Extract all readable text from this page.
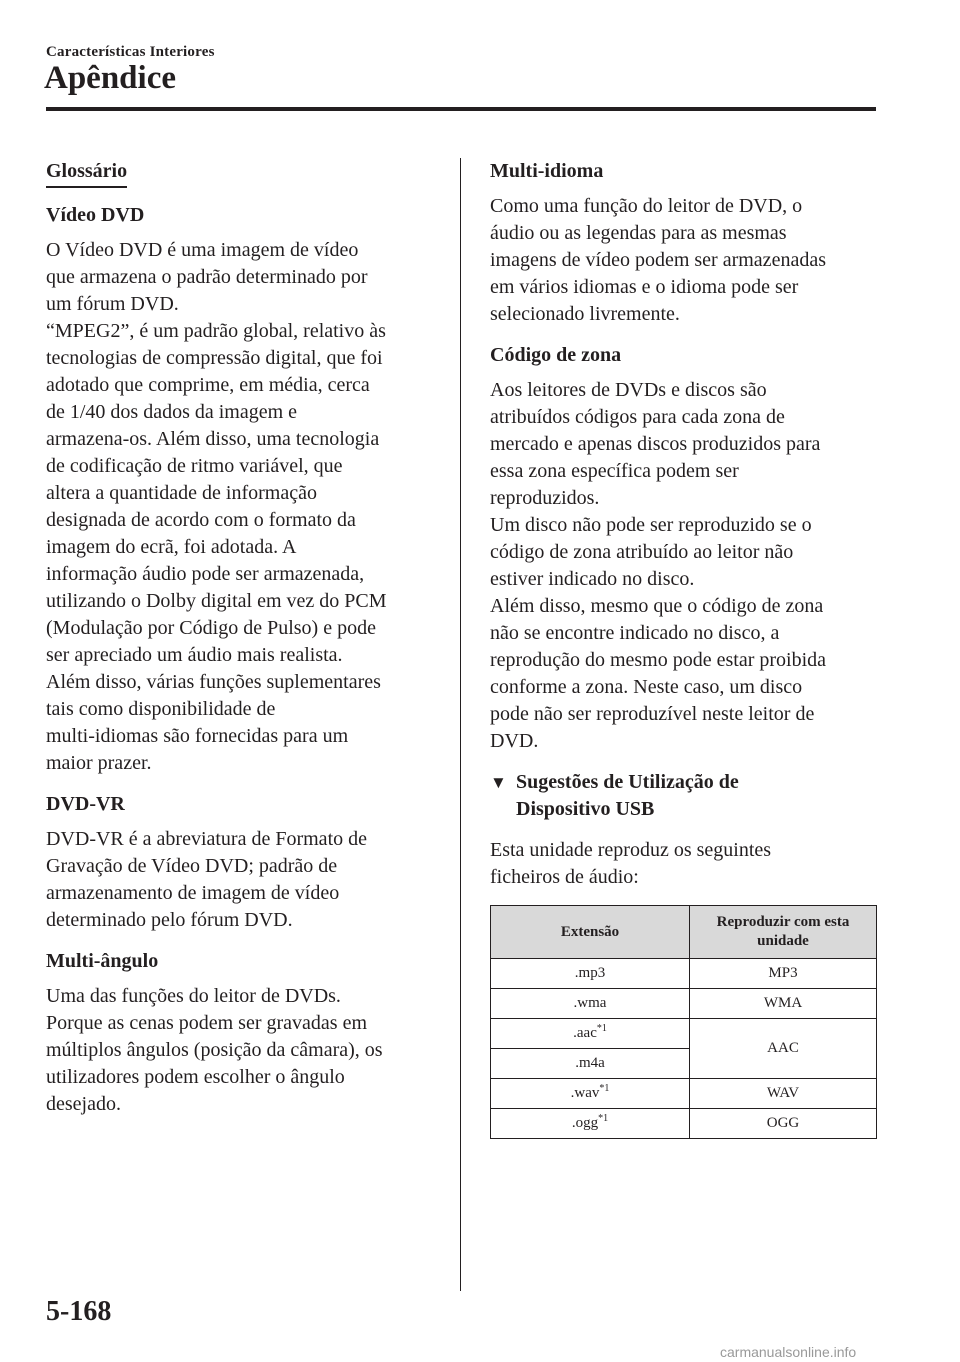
Características Interiores
Apêndice
Glossário
Vídeo DVD

O Vídeo DVD é uma imagem de vídeo
que armazena o padrão determinado por
um fórum DVD.
“MPEG2”, é um padrão global, relativo às
tecnologias de compressão digital, que foi
adotado que comprime, em média, cerca
de 1/40 dos dados da imagem e
armazena-os. Além disso, uma tecnologia
de codificação de ritmo variável, que
altera a quantidade de informação
designada de acordo com o formato da
imagem do ecrã, foi adotada. A
informação áudio pode ser armazenada,
utilizando o Dolby digital em vez do PCM
(Modulação por Código de Pulso) e pode
ser apreciado um áudio mais realista.
Além disso, várias funções suplementares
tais como disponibilidade de
multi-idiomas são fornecidas para um
maior prazer.

DVD-VR

DVD-VR é a abreviatura de Formato de
Gravação de Vídeo DVD; padrão de
armazenamento de imagem de vídeo
determinado pelo fórum DVD.

Multi-ângulo

Uma das funções do leitor de DVDs.
Porque as cenas podem ser gravadas em
múltiplos ângulos (posição da câmara), os
utilizadores podem escolher o ângulo
desejado.

Multi-idioma

Como uma função do leitor de DVD, o
áudio ou as legendas para as mesmas
imagens de vídeo podem ser armazenadas
em vários idiomas e o idioma pode ser
selecionado livremente.

Código de zona

Aos leitores de DVDs e discos são
atribuídos códigos para cada zona de
mercado e apenas discos produzidos para
essa zona específica podem ser
reproduzidos.
Um disco não pode ser reproduzido se o
código de zona atribuído ao leitor não
estiver indicado no disco.
Além disso, mesmo que o código de zona
não se encontre indicado no disco, a
reprodução do mesmo pode estar proibida
conforme a zona. Neste caso, um disco
pode não ser reproduzível neste leitor de
DVD.

▼ Sugestões de Utilização de
Dispositivo USB

Esta unidade reproduz os seguintes
ficheiros de áudio:

Extensão	Reproduzir com esta unidade
.mp3	MP3
.wma	WMA
.aac$^{*1}$	AAC
.m4a	
.wav$^{*1}$	WAV
.ogg$^{*1}$	OGG
5-168
carmanualsonline.info
